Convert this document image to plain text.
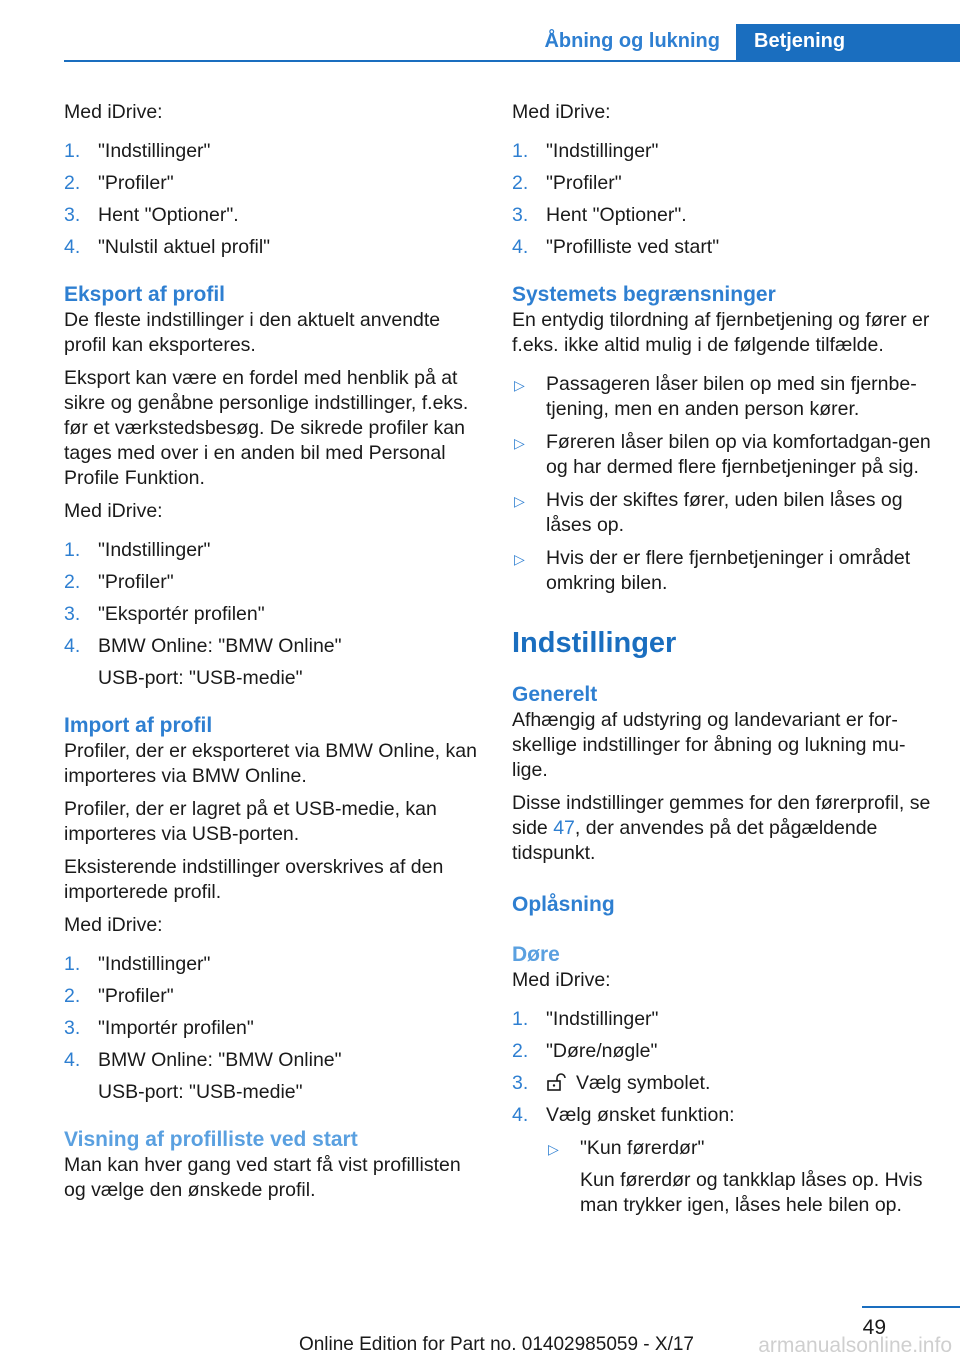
Åbning og lukning	Betjening

Med iDrive:

1. "Indstillinger"
2. "Profiler"
3. Hent "Optioner".
4. "Nulstil aktuel profil"
Eksport af profil

De fleste indstillinger i den aktuelt anvendte profil kan eksporteres.

Eksport kan være en fordel med henblik på at sikre og genåbne personlige indstillinger, f.eks. før et værkstedsbesøg. De sikrede profiler kan tages med over i en anden bil med Personal Profile Funktion.

Med iDrive:

1. "Indstillinger"
2. "Profiler"
3. "Eksportér profilen"
4. BMW Online: "BMW Online"
USB-port: "USB-medie"
Import af profil

Profiler, der er eksporteret via BMW Online, kan importeres via BMW Online.

Profiler, der er lagret på et USB-medie, kan importeres via USB-porten.

Eksisterende indstillinger overskrives af den importerede profil.

Med iDrive:

1. "Indstillinger"
2. "Profiler"
3. "Importér profilen"
4. BMW Online: "BMW Online"
USB-port: "USB-medie"
Visning af profilliste ved start

Man kan hver gang ved start få vist profillisten og vælge den ønskede profil.

Med iDrive:

1. "Indstillinger"
2. "Profiler"
3. Hent "Optioner".
4. "Profilliste ved start"
Systemets begrænsninger

En entydig tilordning af fjernbetjening og fører er f.eks. ikke altid mulig i de følgende tilfælde.

▷ Passageren låser bilen op med sin fjernbe‐tjening, men en anden person kører.
▷ Føreren låser bilen op via komfortadgan‐gen og har dermed flere fjernbetjeninger på sig.
▷ Hvis der skiftes fører, uden bilen låses og låses op.
▷ Hvis der er flere fjernbetjeninger i området omkring bilen.
Indstillinger
Generelt

Afhængig af udstyring og landevariant er for‐skellige indstillinger for åbning og lukning mu‐lige.

Disse indstillinger gemmes for den førerprofil, se side 47, der anvendes på det pågældende tidspunkt.

Oplåsning
Døre

Med iDrive:

1. "Indstillinger"
2. "Døre/nøgle"
3. Vælg symbolet.
4. Vælg ønsket funktion:
▷ "Kun førerdør"
Kun førerdør og tankklap låses op. Hvis man trykker igen, låses hele bilen op.
49
Online Edition for Part no. 01402985059 - X/17	armanualsonline.info
